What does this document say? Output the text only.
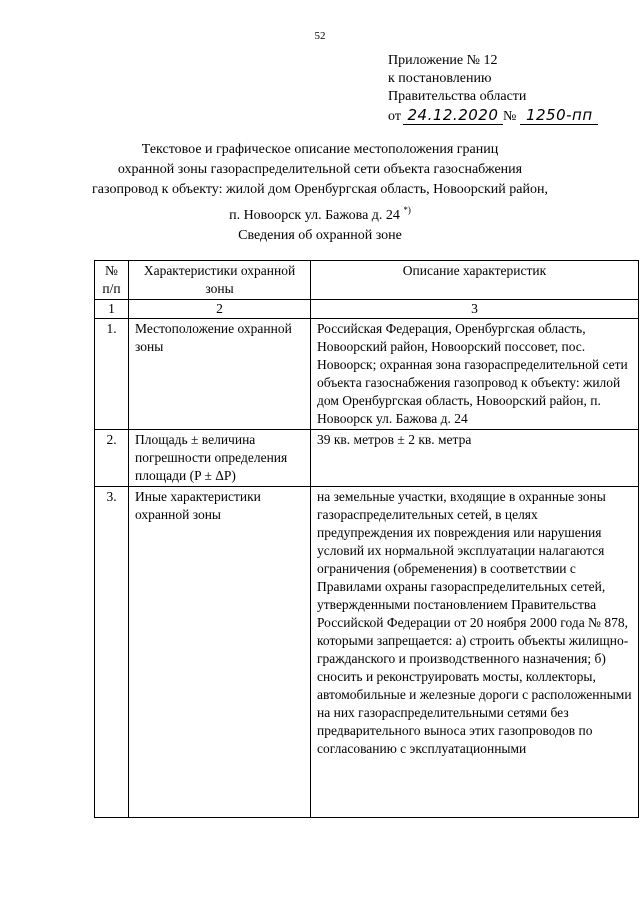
52
Приложение № 12
к постановлению
Правительства области
от 24.12.2020 № 1250-пп
Текстовое и графическое описание местоположения границ
охранной зоны газораспределительной сети объекта газоснабжения
газопровод к объекту: жилой дом Оренбургская область, Новоорский район,
п. Новоорск ул. Бажова д. 24 *)
Сведения об охранной зоне
№ п/п	Характеристики охранной зоны	Описание характеристик
1	2	3
1.	Местоположение охранной зоны	Российская Федерация, Оренбургская область, Новоорский район, Новоорский поссовет, пос. Новоорск; охранная зона газораспределительной сети объекта газоснабжения газопровод к объекту: жилой дом Оренбургская область, Новоорский район, п. Новоорск ул. Бажова д. 24
2.	Площадь ± величина погрешности определения площади (P ± ΔP)	39 кв. метров ± 2 кв. метра
3.	Иные характеристики охранной зоны	на земельные участки, входящие в охранные зоны газораспределительных сетей, в целях предупреждения их повреждения или нарушения условий их нормальной эксплуатации налагаются ограничения (обременения) в соответствии с Правилами охраны газораспределительных сетей, утвержденными постановлением Правительства Российской Федерации от 20 ноября 2000 года № 878, которыми запрещается: а) строить объекты жилищно-гражданского и производственного назначения; б) сносить и реконструировать мосты, коллекторы, автомобильные и железные дороги с расположенными на них газораспределительными сетями без предварительного выноса этих газопроводов по согласованию с эксплуатационными
